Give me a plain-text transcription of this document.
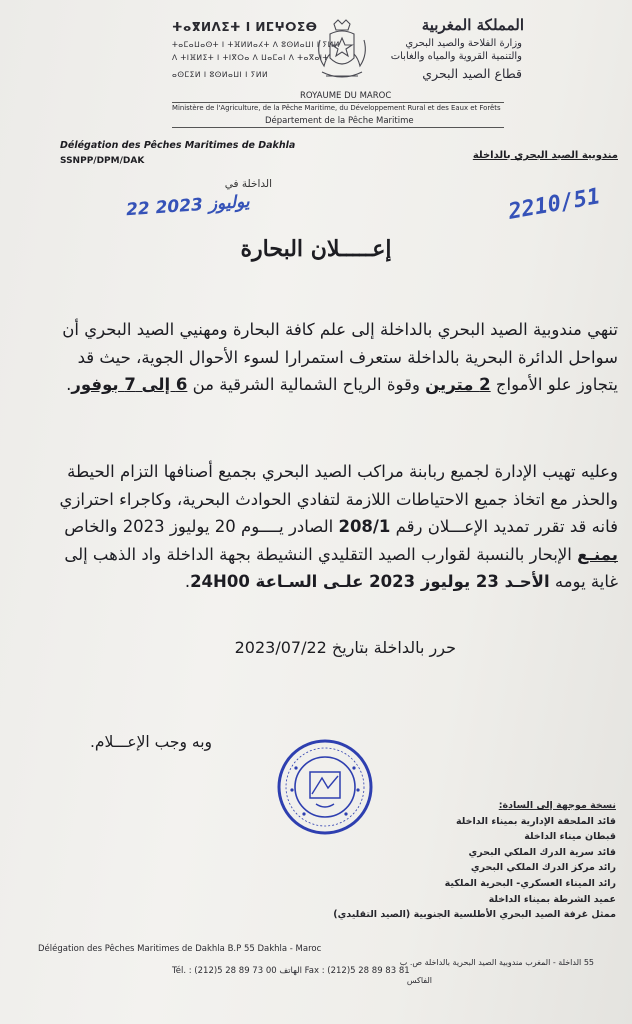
ⵜⴰⴳⵍⴷⵉⵜ ⵏ ⵍⵎⵖⵔⵉⴱ
ⵜⴰⵎⴰⵡⴰⵙⵜ ⵏ ⵜⴼⵍⵍⴰⵃⵜ ⴷ ⵓⵙⵍⴰⵡⵏ ⵏ ⵢⵍⵍ
ⴷ ⵜⵏⴼⵍⵉⵜ ⵏ ⵜⵏⴳⵔⴰ ⴷ ⵡⴰⵎⴰⵏ ⴷ ⵜⴰⴳⴰⵏⵜ
ⴰⵙⵎⵉⵍ ⵏ ⵓⵙⵍⴰⵡⵏ ⵏ ⵢⵍⵍ
المملكة المغربية
وزارة الفلاحة والصيد البحري
والتنمية القروية والمياه والغابات
قطاع الصيد البحري
ROYAUME DU MAROC
Ministère de l'Agriculture, de la Pêche Maritime, du Développement Rural et des Eaux et Forêts
Département de la Pêche Maritime
Délégation des Pêches Maritimes de Dakhla
SSNPP/DPM/DAK	مندوبية الصيد البحري بالداخلة
الداخلة في
22 يوليوز 2023	2210/51
إعـــــلان البحارة
تنهي مندوبية الصيد البحري بالداخلة إلى علم كافة البحارة ومهنيي الصيد البحري أن سواحل الدائرة البحرية بالداخلة ستعرف استمرارا لسوء الأحوال الجوية، حيث قد يتجاوز علو الأمواج 2 مترين وقوة الرياح الشمالية الشرقية من 6 إلى 7 بوفور.
وعليه تهيب الإدارة لجميع ربابنة مراكب الصيد البحري بجميع أصنافها التزام الحيطة والحذر مع اتخاذ جميع الاحتياطات اللازمة لتفادي الحوادث البحرية، وكاجراء احترازي فانه قد تقرر تمديد الإعـــلان رقم 208/1 الصادر يــــوم 20 يوليوز 2023 والخاص بمنـع الإبحار بالنسبة لقوارب الصيد التقليدي النشيطة بجهة الداخلة واد الذهب إلى غاية يومه الأحـد 23 يوليوز 2023 علـى السـاعة 24H00.
حرر بالداخلة بتاريخ 2023/07/22
وبه وجب الإعـــلام.
نسخة موجهة إلى السادة:
قائد الملحقة الإدارية بميناء الداخلة
قبطان ميناء الداخلة
قائد سرية الدرك الملكي البحري
رائد مركز الدرك الملكي البحري
رائد الميناء العسكري- البحرية الملكية
عميد الشرطة بميناء الداخلة
ممثل غرفة الصيد البحري الأطلسية الجنوبية (الصيد التقليدي)
Délégation des Pêches Maritimes de Dakhla B.P 55 Dakhla - Maroc
Tél. : (212)5 28 89 73 00 الهاتف Fax : (212)5 28 89 83 81
55 الداخلة - المغرب مندوبية الصيد البحرية بالداخلة ص. ب
الفاكس
